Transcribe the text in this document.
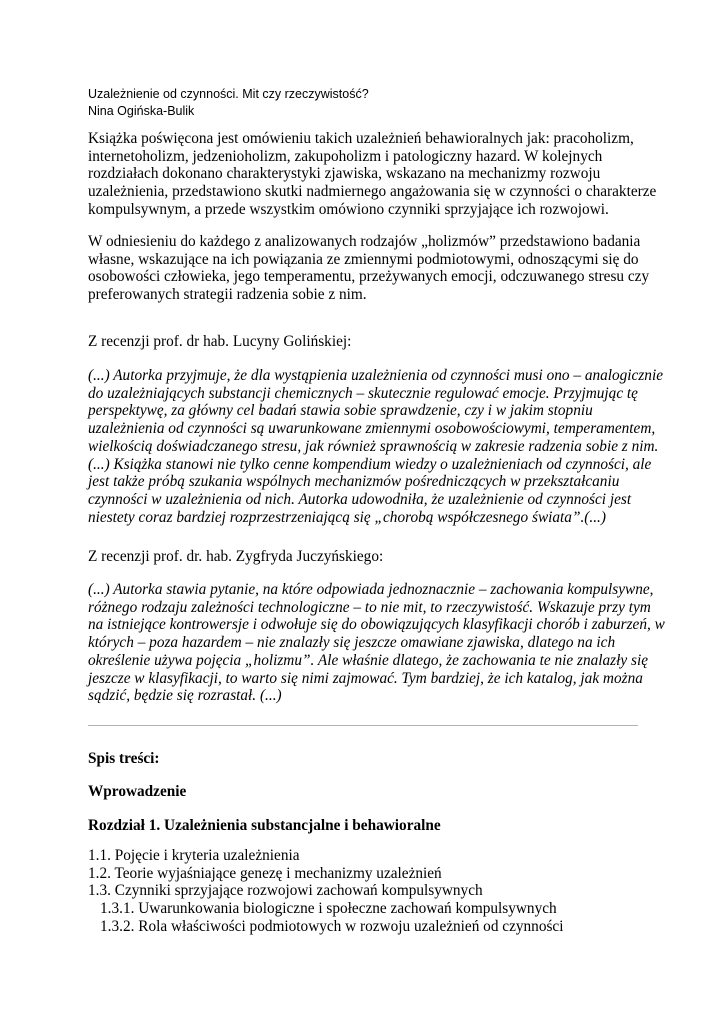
Uzależnienie od czynności. Mit czy rzeczywistość?
Nina Ogińska-Bulik

Książka poświęcona jest omówieniu takich uzależnień behawioralnych jak: pracoholizm,
internetoholizm, jedzenioholizm, zakupoholizm i patologiczny hazard. W kolejnych
rozdziałach dokonano charakterystyki zjawiska, wskazano na mechanizmy rozwoju
uzależnienia, przedstawiono skutki nadmiernego angażowania się w czynności o charakterze
kompulsywnym, a przede wszystkim omówiono czynniki sprzyjające ich rozwojowi.

W odniesieniu do każdego z analizowanych rodzajów „holizmów” przedstawiono badania
własne, wskazujące na ich powiązania ze zmiennymi podmiotowymi, odnoszącymi się do
osobowości człowieka, jego temperamentu, przeżywanych emocji, odczuwanego stresu czy
preferowanych strategii radzenia sobie z nim.

Z recenzji prof. dr hab. Lucyny Golińskiej:

(...) Autorka przyjmuje, że dla wystąpienia uzależnienia od czynności musi ono – analogicznie
do uzależniających substancji chemicznych – skutecznie regulować emocje. Przyjmując tę
perspektywę, za główny cel badań stawia sobie sprawdzenie, czy i w jakim stopniu
uzależnienia od czynności są uwarunkowane zmiennymi osobowościowymi, temperamentem,
wielkością doświadczanego stresu, jak również sprawnością w zakresie radzenia sobie z nim.
(...) Książka stanowi nie tylko cenne kompendium wiedzy o uzależnieniach od czynności, ale
jest także próbą szukania wspólnych mechanizmów pośredniczących w przekształcaniu
czynności w uzależnienia od nich. Autorka udowodniła, że uzależnienie od czynności jest
niestety coraz bardziej rozprzestrzeniającą się „chorobą współczesnego świata”.(...)

Z recenzji prof. dr. hab. Zygfryda Juczyńskiego:

(...) Autorka stawia pytanie, na które odpowiada jednoznacznie – zachowania kompulsywne,
różnego rodzaju zależności technologiczne – to nie mit, to rzeczywistość. Wskazuje przy tym
na istniejące kontrowersje i odwołuje się do obowiązujących klasyfikacji chorób i zaburzeń, w
których – poza hazardem – nie znalazły się jeszcze omawiane zjawiska, dlatego na ich
określenie używa pojęcia „holizmu”. Ale właśnie dlatego, że zachowania te nie znalazły się
jeszcze w klasyfikacji, to warto się nimi zajmować. Tym bardziej, że ich katalog, jak można
sądzić, będzie się rozrastał. (...)

Spis treści:

Wprowadzenie

Rozdział 1. Uzależnienia substancjalne i behawioralne

1.1. Pojęcie i kryteria uzależnienia
1.2. Teorie wyjaśniające genezę i mechanizmy uzależnień
1.3. Czynniki sprzyjające rozwojowi zachowań kompulsywnych
1.3.1. Uwarunkowania biologiczne i społeczne zachowań kompulsywnych
1.3.2. Rola właściwości podmiotowych w rozwoju uzależnień od czynności
